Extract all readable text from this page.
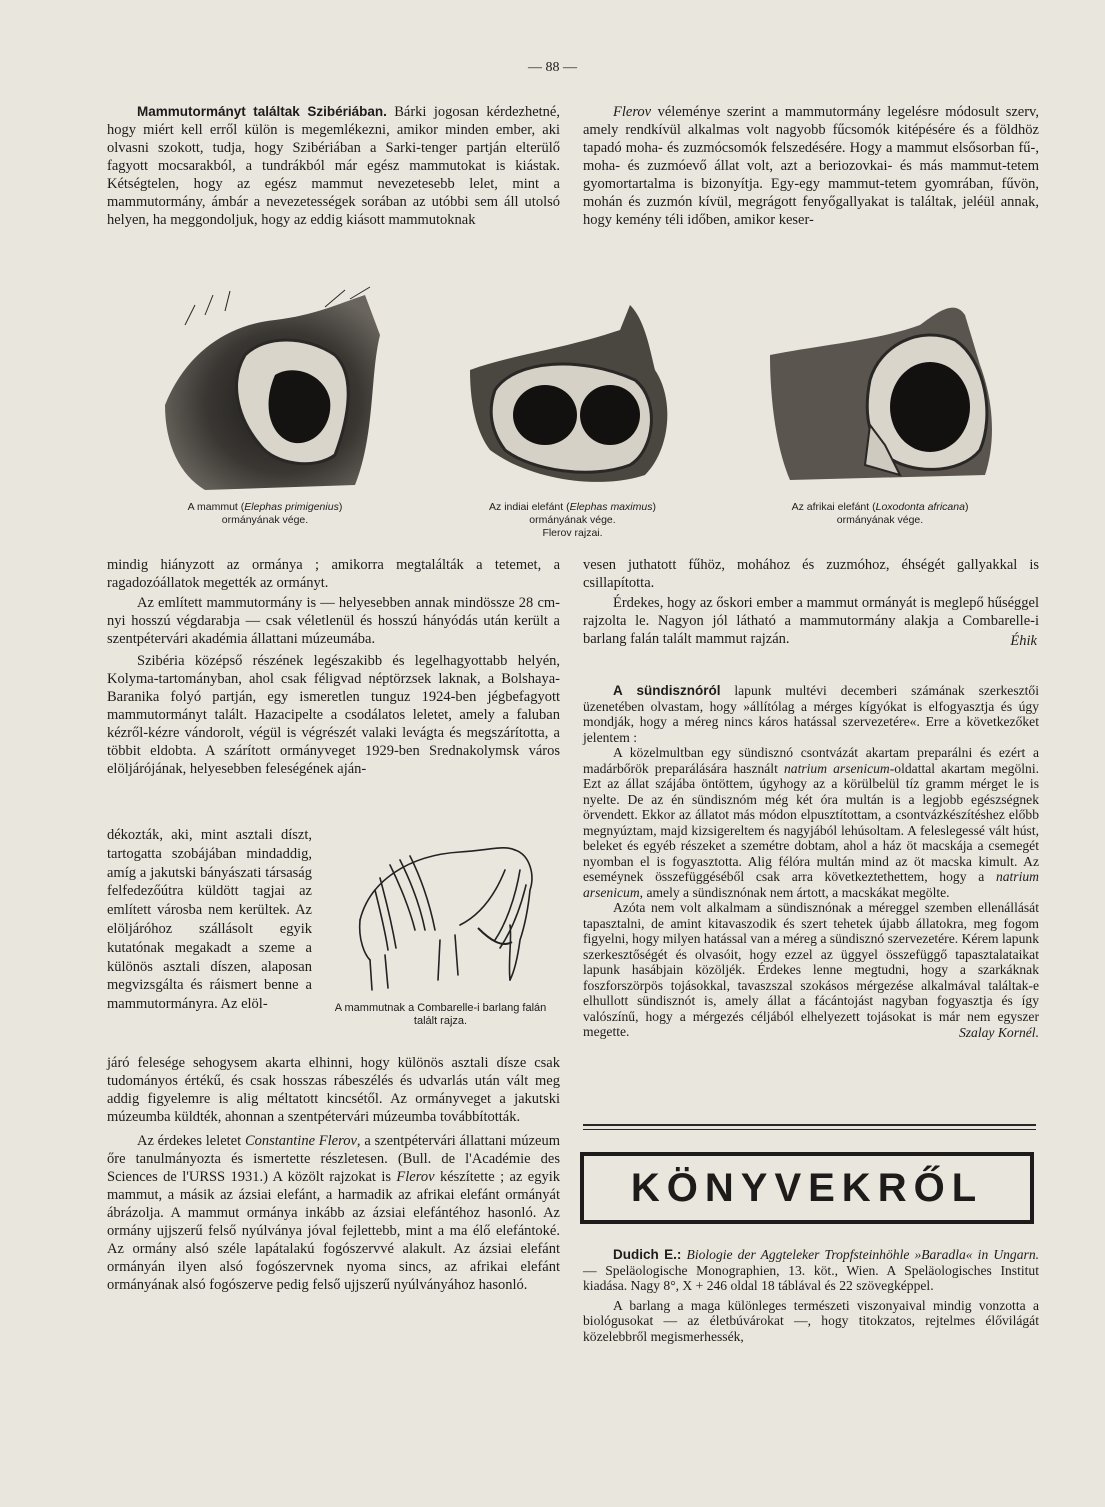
— 88 —

Mammutormányt találtak Szibériában. Bárki jogosan kérdezhetné, hogy miért kell erről külön is megemlékezni, amikor minden ember, aki olvasni szokott, tudja, hogy Szibériában a Sarki-tenger partján elterülő fagyott mocsarakból, a tundrákból már egész mammutokat is kiástak. Kétségtelen, hogy az egész mammut nevezetesebb lelet, mint a mammutormány, ámbár a nevezetességek sorában az utóbbi sem áll utolsó helyen, ha meggondoljuk, hogy az eddig kiásott mammutoknak

Flerov véleménye szerint a mammutormány legelésre módosult szerv, amely rendkívül alkalmas volt nagyobb fűcsomók kitépésére és a földhöz tapadó moha- és zuzmócsomók felszedésére. Hogy a mammut elsősorban fű-, moha- és zuzmóevő állat volt, azt a beriozovkai- és más mammut-tetem gyomortartalma is bizonyítja. Egy-egy mammut-tetem gyomrában, fűvön, mohán és zuzmón kívül, megrágott fenyőgallyakat is találtak, jeléül annak, hogy kemény téli időben, amikor keser-

A mammut (Elephas primigenius)
ormányának vége.
Az indiai elefánt (Elephas maximus)
ormányának vége.
Flerov rajzai.
Az afrikai elefánt (Loxodonta africana)
ormányának vége.

mindig hiányzott az ormánya ; amikorra megtalálták a tetemet, a ragadozóállatok megették az ormányt.

Az említett mammutormány is — helyesebben annak mindössze 28 cm-nyi hosszú végdarabja — csak véletlenül és hosszú hányódás után került a szentpétervári akadémia állattani múzeumába.

Szibéria középső részének legészakibb és legelhagyottabb helyén, Kolyma-tartományban, ahol csak féligvad néptörzsek laknak, a Bolshaya-Baranika folyó partján, egy ismeretlen tunguz 1924-ben jégbefagyott mammutormányt talált. Hazacipelte a csodálatos leletet, amely a faluban kézről-kézre vándorolt, végül is végrészét valaki levágta és megszárította, a többit eldobta. A szárított ormányveget 1929-ben Srednakolymsk város elöljárójának, helyesebben feleségének aján-

dékozták, aki, mint asztali díszt, tartogatta szobájában mindaddig, amíg a jakutski bányászati társaság felfedezőútra küldött tagjai az említett városba nem kerültek. Az elöljáróhoz szállásolt egyik kutatónak megakadt a szeme a különös asztali díszen, alaposan megvizsgálta és ráismert benne a mammutormányra. Az elöl-	A mammutnak a Combarelle-i barlang falán
talált rajza.

járó felesége sehogysem akarta elhinni, hogy különös asztali dísze csak tudományos értékű, és csak hosszas rábeszélés és udvarlás után vált meg addig figyelemre is alig méltatott kincsétől. Az ormányveget a jakutski múzeumba küldték, ahonnan a szentpétervári múzeumba továbbították.

Az érdekes leletet Constantine Flerov, a szentpétervári állattani múzeum őre tanulmányozta és ismertette részletesen. (Bull. de l'Académie des Sciences de l'URSS 1931.) A közölt rajzokat is Flerov készítette ; az egyik mammut, a másik az ázsiai elefánt, a harmadik az afrikai elefánt ormányát ábrázolja. A mammut ormánya inkább az ázsiai elefántéhoz hasonló. Az ormány ujjszerű felső nyúlványa jóval fejlettebb, mint a ma élő elefántoké. Az ormány alsó széle lapátalakú fogószervvé alakult. Az ázsiai elefánt ormányán ilyen alsó fogószervnek nyoma sincs, az afrikai elefánt ormányának alsó fogószerve pedig felső ujjszerű nyúlványához hasonló.

vesen juthatott fűhöz, mohához és zuzmóhoz, éhségét gallyakkal is csillapította.

Érdekes, hogy az őskori ember a mammut ormányát is meglepő hűséggel rajzolta le. Nagyon jól látható a mammutormány alakja a Combarelle-i barlang falán talált mammut rajzán.	Éhik

A sündisznóról lapunk multévi decemberi számának szerkesztői üzenetében olvastam, hogy »állítólag a mérges kígyókat is elfogyasztja és úgy mondják, hogy a méreg nincs káros hatással szervezetére«. Erre a következőket jelentem :

A közelmultban egy sündisznó csontvázát akartam preparálni és ezért a madárbőrök preparálására használt natrium arsenicum-oldattal akartam megölni. Ezt az állat szájába öntöttem, úgyhogy az a körülbelül tíz gramm mérget le is nyelte. De az én sündisznóm még két óra multán is a legjobb egészségnek örvendett. Ekkor az állatot más módon elpusztítottam, a csontvázkészítéshez előbb megnyúztam, majd kizsigereltem és nagyjából lehúsoltam. A feleslegessé vált húst, beleket és egyéb részeket a szemétre dobtam, ahol a ház öt macskája a csemegét nyomban el is fogyasztotta. Alig félóra multán mind az öt macska kimult. Az eseméynek összefüggéséből csak arra következtethettem, hogy a natrium arsenicum, amely a sündisznónak nem ártott, a macskákat megölte.

Azóta nem volt alkalmam a sündisznónak a méreggel szemben ellenállását tapasztalni, de amint kitavaszodik és szert tehetek újabb állatokra, meg fogom figyelni, hogy milyen hatással van a méreg a sündisznó szervezetére. Kérem lapunk szerkesztőségét és olvasóit, hogy ezzel az üggyel összefüggő tapasztalataikat lapunk hasábjain közöljék. Érdekes lenne megtudni, hogy a szarkáknak foszforszörpös tojásokkal, tavaszszal szokásos mérgezése alkalmával találtak-e elhullott sündisznót is, amely állat a fácántojást nagyban fogyasztja és így valószínű, hogy a mérgezés céljából elhelyezett tojásokat is már nem egyszer megette.	Szalay Kornél.

KÖNYVEKRŐL

Dudich E.: Biologie der Aggteleker Tropfsteinhöhle »Baradla« in Ungarn. — Speläologische Monographien, 13. köt., Wien. A Speläologisches Institut kiadása. Nagy 8°, X + 246 oldal 18 táblával és 22 szövegképpel.

A barlang a maga különleges természeti viszonyaival mindig vonzotta a biológusokat — az életbúvárokat —, hogy titokzatos, rejtelmes élővilágát közelebbről megismerhessék,
